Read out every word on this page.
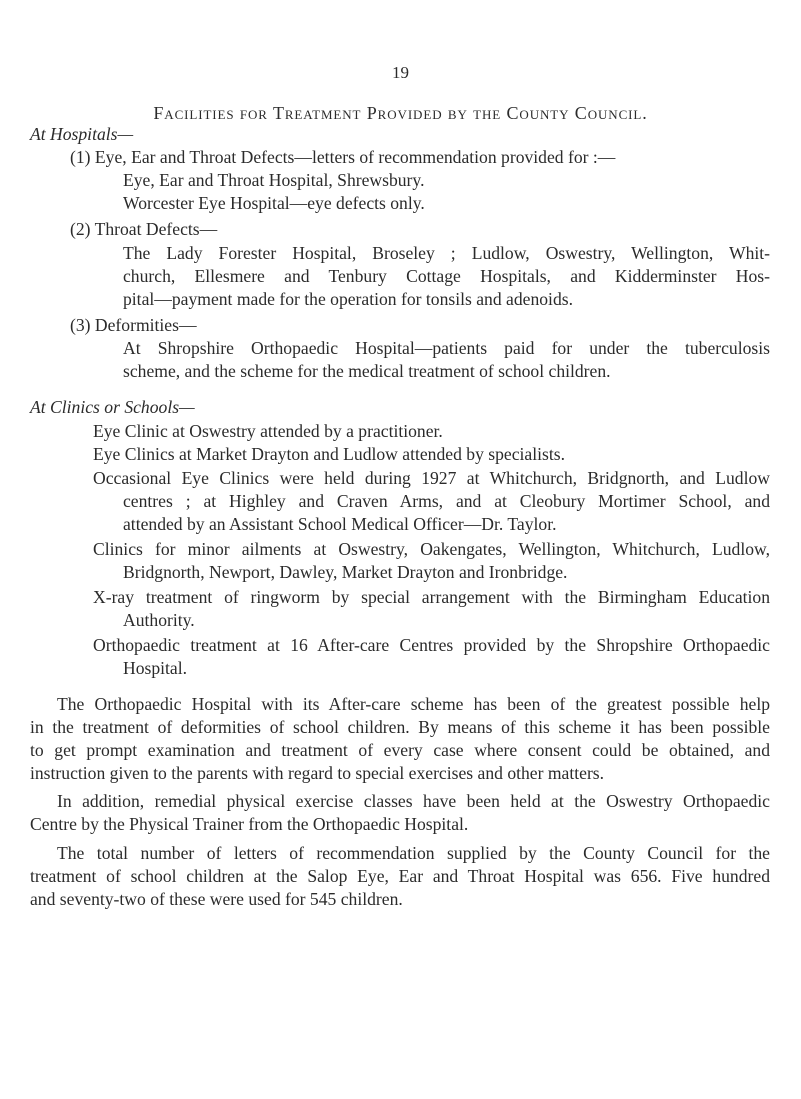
19
Facilities for Treatment Provided by the County Council.
At Hospitals—
(1) Eye, Ear and Throat Defects—letters of recommendation provided for :—
Eye, Ear and Throat Hospital, Shrewsbury.
Worcester Eye Hospital—eye defects only.
(2) Throat Defects—
The Lady Forester Hospital, Broseley ; Ludlow, Oswestry, Wellington, Whit-
church, Ellesmere and Tenbury Cottage Hospitals, and Kidderminster Hos-
pital—payment made for the operation for tonsils and adenoids.
(3) Deformities—
At Shropshire Orthopaedic Hospital—patients paid for under the tuberculosis
scheme, and the scheme for the medical treatment of school children.
At Clinics or Schools—
Eye Clinic at Oswestry attended by a practitioner.
Eye Clinics at Market Drayton and Ludlow attended by specialists.
Occasional Eye Clinics were held during 1927 at Whitchurch, Bridgnorth, and Ludlow
centres ; at Highley and Craven Arms, and at Cleobury Mortimer School, and
attended by an Assistant School Medical Officer—Dr. Taylor.
Clinics for minor ailments at Oswestry, Oakengates, Wellington, Whitchurch, Ludlow,
Bridgnorth, Newport, Dawley, Market Drayton and Ironbridge.
X-ray treatment of ringworm by special arrangement with the Birmingham Education
Authority.
Orthopaedic treatment at 16 After-care Centres provided by the Shropshire Orthopaedic
Hospital.
The Orthopaedic Hospital with its After-care scheme has been of the greatest possible help
in the treatment of deformities of school children. By means of this scheme it has been possible
to get prompt examination and treatment of every case where consent could be obtained, and
instruction given to the parents with regard to special exercises and other matters.
In addition, remedial physical exercise classes have been held at the Oswestry Orthopaedic
Centre by the Physical Trainer from the Orthopaedic Hospital.
The total number of letters of recommendation supplied by the County Council for the
treatment of school children at the Salop Eye, Ear and Throat Hospital was 656. Five hundred
and seventy-two of these were used for 545 children.
